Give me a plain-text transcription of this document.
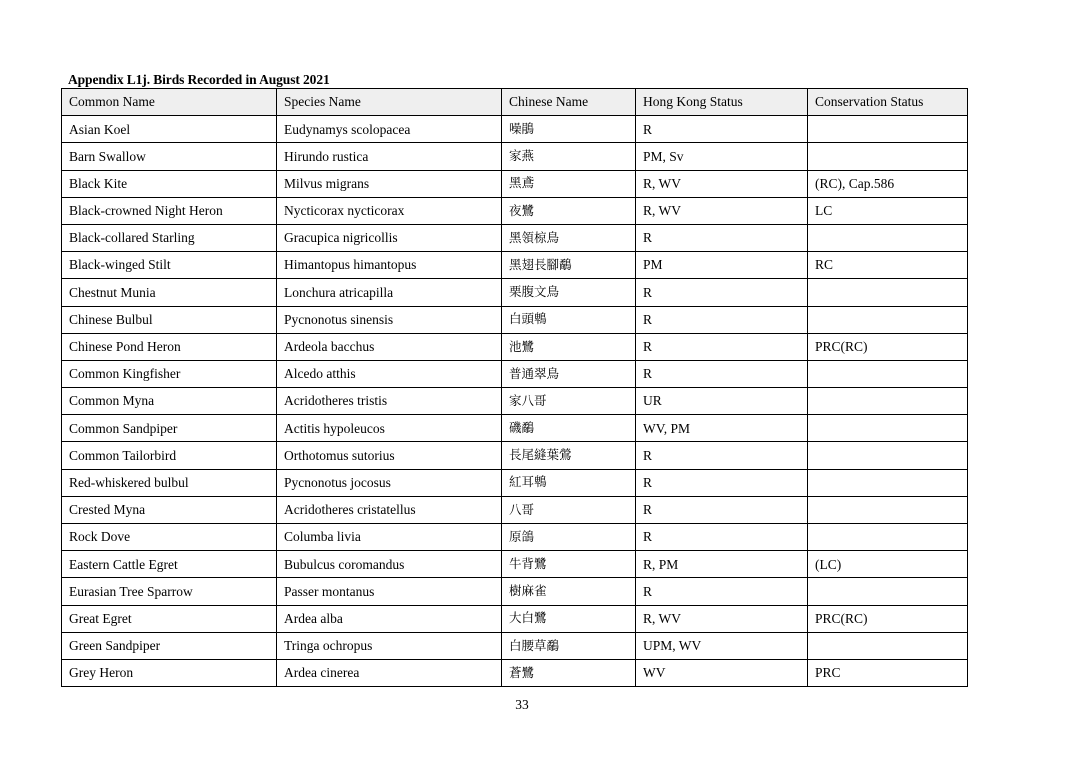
Appendix L1j. Birds Recorded in August 2021
Common Name	Species Name	Chinese Name	Hong Kong Status	Conservation Status
Asian Koel	Eudynamys scolopacea	噪鵑	R	
Barn Swallow	Hirundo rustica	家燕	PM, Sv	
Black Kite	Milvus migrans	黑鳶	R, WV	(RC), Cap.586
Black-crowned Night Heron	Nycticorax nycticorax	夜鷺	R, WV	LC
Black-collared Starling	Gracupica nigricollis	黑領椋鳥	R	
Black-winged Stilt	Himantopus himantopus	黑翅長腳鷸	PM	RC
Chestnut Munia	Lonchura atricapilla	栗腹文鳥	R	
Chinese Bulbul	Pycnonotus sinensis	白頭鵯	R	
Chinese Pond Heron	Ardeola bacchus	池鷺	R	PRC(RC)
Common Kingfisher	Alcedo atthis	普通翠鳥	R	
Common Myna	Acridotheres tristis	家八哥	UR	
Common Sandpiper	Actitis hypoleucos	磯鷸	WV, PM	
Common Tailorbird	Orthotomus sutorius	長尾縫葉鶯	R	
Red-whiskered bulbul	Pycnonotus jocosus	紅耳鵯	R	
Crested Myna	Acridotheres cristatellus	八哥	R	
Rock Dove	Columba livia	原鴿	R	
Eastern Cattle Egret	Bubulcus coromandus	牛背鷺	R, PM	(LC)
Eurasian Tree Sparrow	Passer montanus	樹麻雀	R	
Great Egret	Ardea alba	大白鷺	R, WV	PRC(RC)
Green Sandpiper	Tringa ochropus	白腰草鷸	UPM, WV	
Grey Heron	Ardea cinerea	蒼鷺	WV	PRC
33
